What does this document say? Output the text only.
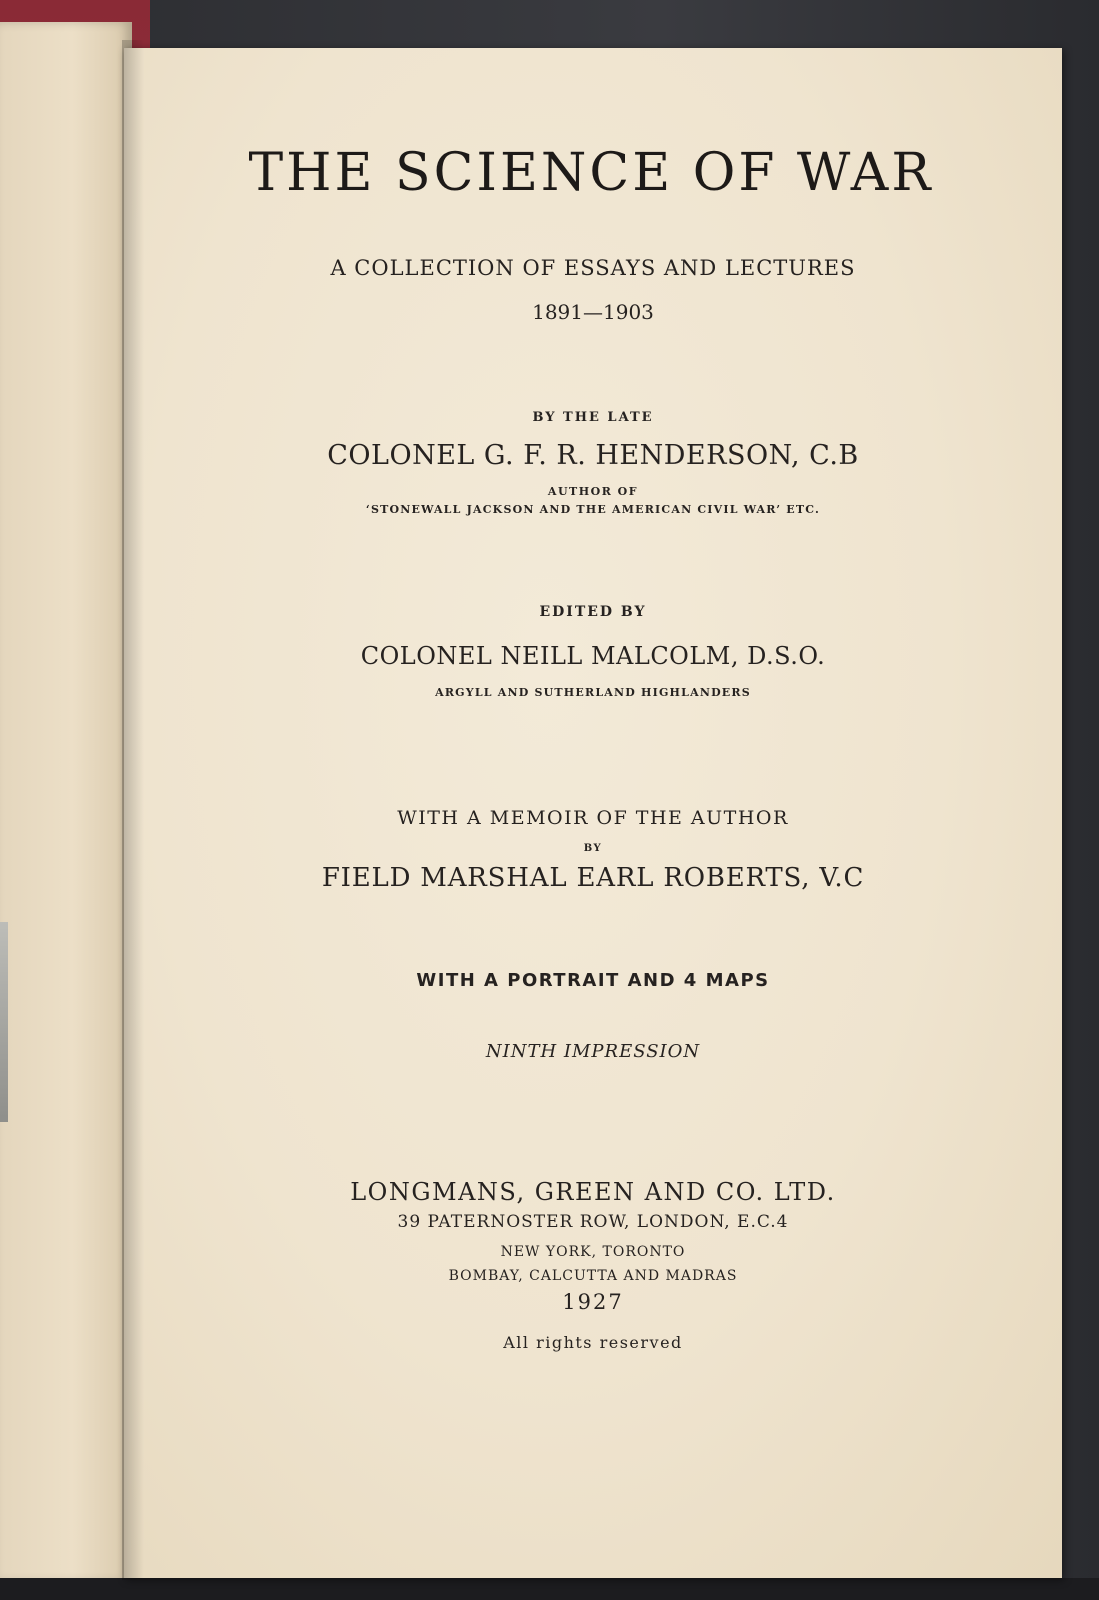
THE SCIENCE OF WAR
A COLLECTION OF ESSAYS AND LECTURES
1891—1903
BY THE LATE
COLONEL G. F. R. HENDERSON, C.B
AUTHOR OF
‘STONEWALL JACKSON AND THE AMERICAN CIVIL WAR’ ETC.
EDITED BY
COLONEL NEILL MALCOLM, D.S.O.
ARGYLL AND SUTHERLAND HIGHLANDERS
WITH A MEMOIR OF THE AUTHOR
BY
FIELD MARSHAL EARL ROBERTS, V.C
WITH A PORTRAIT AND 4 MAPS
NINTH IMPRESSION
LONGMANS, GREEN AND CO. LTD.
39 PATERNOSTER ROW, LONDON, E.C.4
NEW YORK, TORONTO
BOMBAY, CALCUTTA AND MADRAS
1927
All rights reserved
